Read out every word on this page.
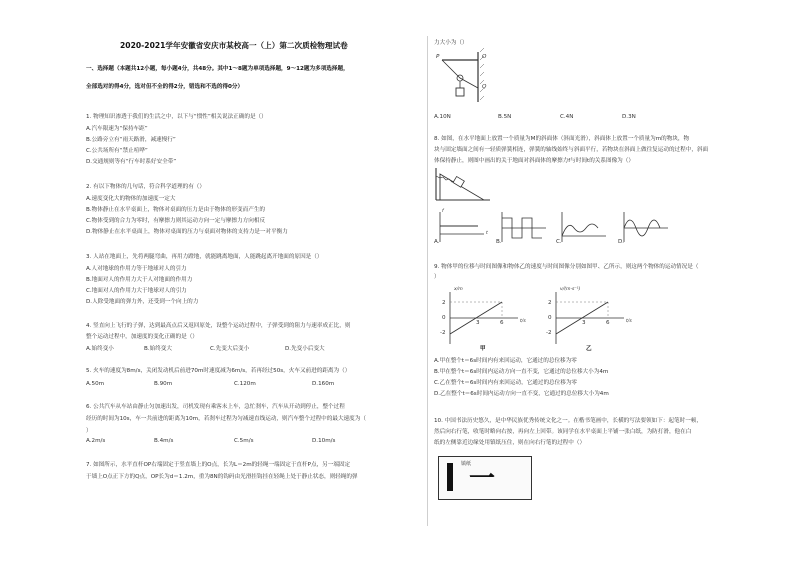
2020-2021学年安徽省安庆市某校高一（上）第二次质检物理试卷
一、选择题（本题共12小题，每小题4分，共48分。其中1～8题为单项选择题，9～12题为多项选择题，
全部选对的得4分，选对但不全的得2分，错选和不选的得0分）
1. 物理知识渗透于我们的生活之中，以下与“惯性”相关说法正确的是（）
A.汽车限速为“保持车距”
B.公路旁立有“雨天路滑，减速慢行”
C.公共场所有“禁止喧哗”
D.交通规则等有“行车时系好安全带”
2. 有以下物体的几句话，符合科学道理的有（）
A.速度变化大的物体的加速度一定大
B.物体静止在水平桌面上，物体对桌面的压力是由于物体的形变而产生的
C.物体受到的合力为零时，有摩擦力则其运动方向一定与摩擦力方向相反
D.物体静止在水平桌面上，物体对桌面的压力与桌面对物体的支持力是一对平衡力
3. 人站在地面上，先将两腿弯曲，再用力蹬地，就能跳离地面，人能跳起离开地面的原因是（）
A.人对地球的作用力等于地球对人的引力
B.地面对人的作用力大于人对地面的作用力
C.地面对人的作用力大于地球对人的引力
D.人除受地面的弹力外，还受到一个向上的力
4. 竖直向上飞行的子弹，达到最高点后又返回原处，设整个运动过程中，子弹受到的阻力与速率成正比，则
整个运动过程中，加速度的变化正确的是（）
A.始终变小	B.始终变大	C.先变大后变小	D.先变小后变大
5. 火车的速度为8m/s，关闭发动机后前进70m时速度减为6m/s，若再经过50s，火车又前进的距离为（）
A.50m	B.90m	C.120m	D.160m
6. 公共汽车从车站由静止匀加速出发，司机发现有乘客未上车，急忙刹车，汽车从开动到停止，整个过程
经历的时间为10s，车一共前进的距离为10m，若刹车过程为匀减速直线运动，则汽车整个过程中的最大速度为（
）
A.2m/s	B.4m/s	C.5m/s	D.10m/s
7. 如图所示，水平直杆OP右端固定于竖直墙上的O点，长为L＝2m的轻绳一端固定于直杆P点，另一端固定
于墙上O点正下方的Q点，OP长为d＝1.2m，重为8N的钩码由光滑挂钩挂在轻绳上处于静止状态，则轻绳的弹
力大小为（）
P	O
Q
A.10N	B.5N	C.4N	D.3N
8. 如图，在水平地面上放置一个质量为M的斜面体（斜面光滑），斜面体上放置一个质量为m的物块，物
块与固定墙面之间有一轻质弹簧相连，弹簧的轴线始终与斜面平行，若物块在斜面上做往复运动的过程中，斜面
体保持静止，则图中画出的关于地面对斜面体的摩擦力f与时间t的关系图像为（）
A.	B.	C.	D.
f
t
9. 物体甲的位移与时间图像和物体乙的速度与时间图像分别如图甲、乙所示，则这两个物体的运动情况是（
）
x/m
t/s
2
0
-2
3	6
甲
v/(m·s⁻¹)
t/s
2
0
-2
3	6
乙
A.甲在整个t＝6s时间内有来回运动，它通过的总位移为零
B.甲在整个t＝6s时间内运动方向一直不变，它通过的总位移大小为4m
C.乙在整个t＝6s时间内有来回运动，它通过的总位移为零
D.乙在整个t＝6s时间内运动方向一直不变，它通过的总位移大小为4m
10. 中国书法历史悠久，是中华民族优秀传统文化之一。在楷书笔画中，长横的写法要领如下：起笔时一顿，
然后向右行笔，收笔时略向右按，再向左上回带。该同学在水平桌面上平铺一张白纸，为防打滑，他在白
纸的左侧靠近边缘处用镇纸压住，则在向右行笔的过程中（）
镇纸
一
